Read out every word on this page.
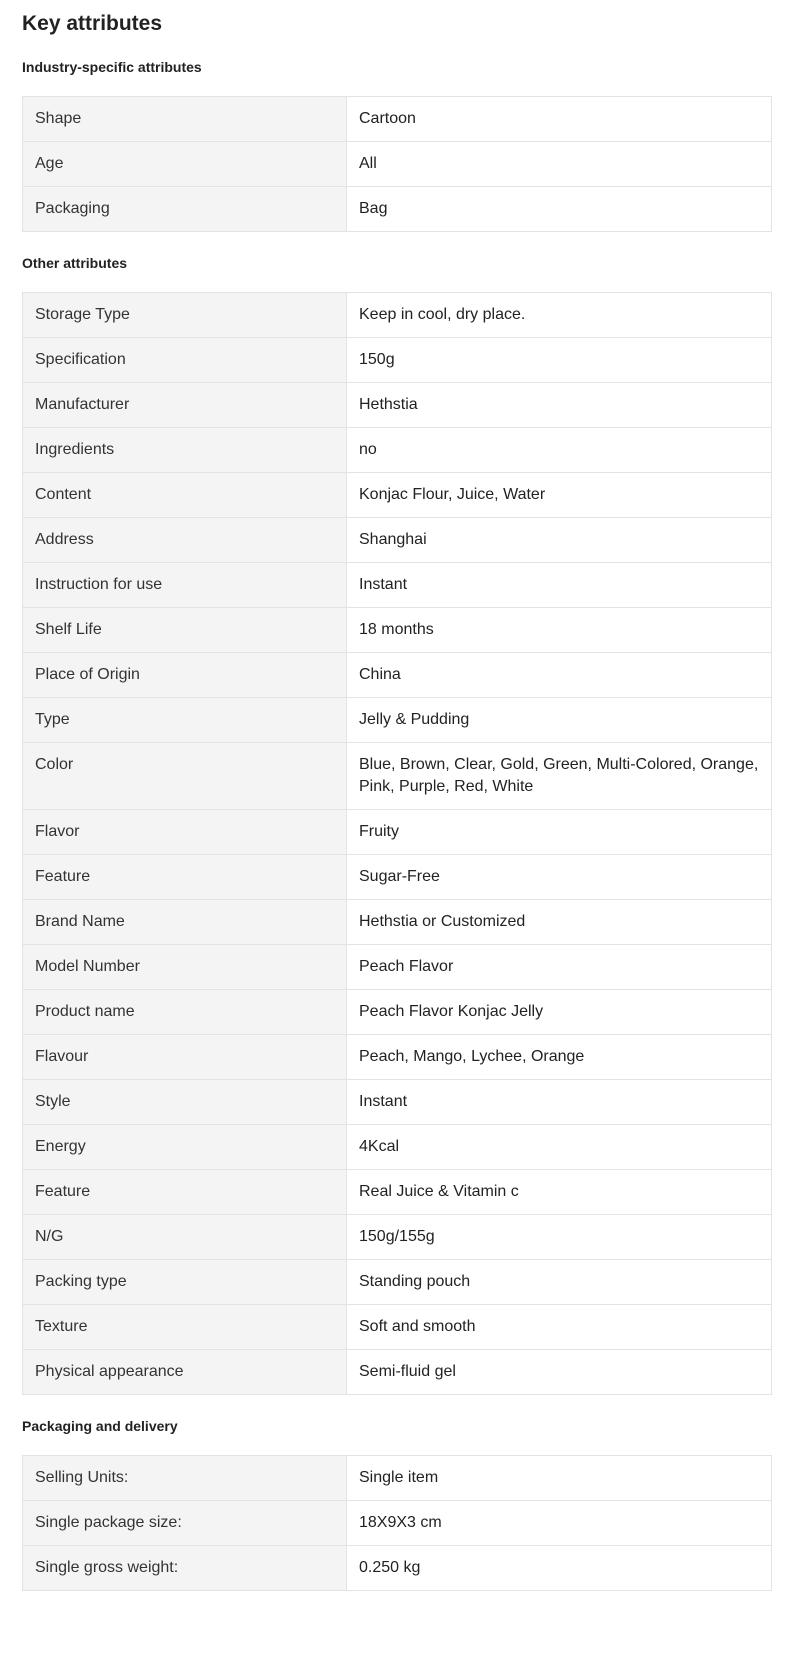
Key attributes
Industry-specific attributes
Shape	Cartoon
Age	All
Packaging	Bag
Other attributes
Storage Type	Keep in cool, dry place.
Specification	150g
Manufacturer	Hethstia
Ingredients	no
Content	Konjac Flour, Juice, Water
Address	Shanghai
Instruction for use	Instant
Shelf Life	18 months
Place of Origin	China
Type	Jelly & Pudding
Color	Blue, Brown, Clear, Gold, Green, Multi-Colored, Orange, Pink, Purple, Red, White
Flavor	Fruity
Feature	Sugar-Free
Brand Name	Hethstia or Customized
Model Number	Peach Flavor
Product name	Peach Flavor Konjac Jelly
Flavour	Peach, Mango, Lychee, Orange
Style	Instant
Energy	4Kcal
Feature	Real Juice & Vitamin c
N/G	150g/155g
Packing type	Standing pouch
Texture	Soft and smooth
Physical appearance	Semi-fluid gel
Packaging and delivery
Selling Units:	Single item
Single package size:	18X9X3 cm
Single gross weight:	0.250 kg
